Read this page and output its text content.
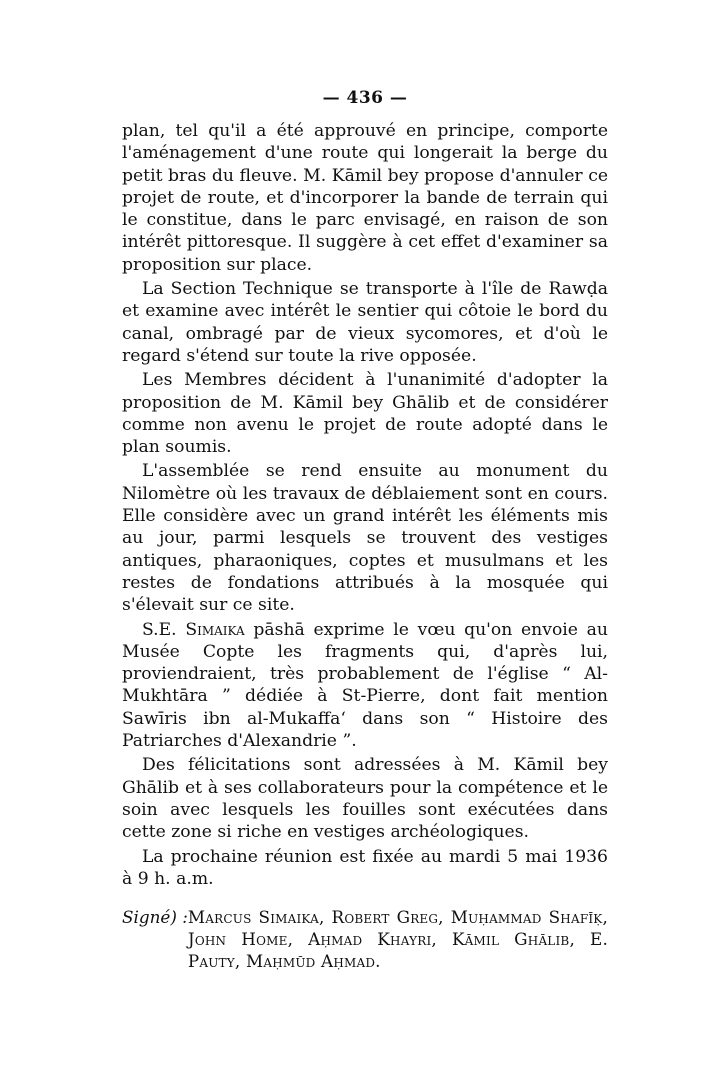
— 436 —

plan, tel qu'il a été approuvé en principe, comporte l'aménagement d'une route qui longerait la berge du petit bras du fleuve. M. Kāmil bey propose d'annuler ce projet de route, et d'incorporer la bande de terrain qui le constitue, dans le parc envisagé, en raison de son intérêt pittoresque. Il suggère à cet effet d'examiner sa proposition sur place.

La Section Technique se transporte à l'île de Rawḍa et examine avec intérêt le sentier qui côtoie le bord du canal, ombragé par de vieux sycomores, et d'où le regard s'étend sur toute la rive opposée.

Les Membres décident à l'unanimité d'adopter la proposition de M. Kāmil bey Ghālib et de considérer comme non avenu le projet de route adopté dans le plan soumis.

L'assemblée se rend ensuite au monument du Nilomètre où les travaux de déblaiement sont en cours. Elle considère avec un grand intérêt les éléments mis au jour, parmi lesquels se trouvent des vestiges antiques, pharaoniques, coptes et musulmans et les restes de fondations attribués à la mosquée qui s'élevait sur ce site.

S.E. Simaika pāshā exprime le vœu qu'on envoie au Musée Copte les fragments qui, d'après lui, proviendraient, très probablement de l'église “ Al-Mukhtāra ” dédiée à St-Pierre, dont fait mention Sawīris ibn al-Mukaffa‘ dans son “ Histoire des Patriarches d'Alexandrie ”.

Des félicitations sont adressées à M. Kāmil bey Ghālib et à ses collaborateurs pour la compétence et le soin avec lesquels les fouilles sont exécutées dans cette zone si riche en vestiges archéologiques.

La prochaine réunion est fixée au mardi 5 mai 1936 à 9 h. a.m.

Signé) : Marcus Simaika, Robert Greg, Muḥammad Shafīḳ, John Home, Aḥmad Khayri, Kāmil Ghālib, E. Pauty, Maḥmūd Aḥmad.
